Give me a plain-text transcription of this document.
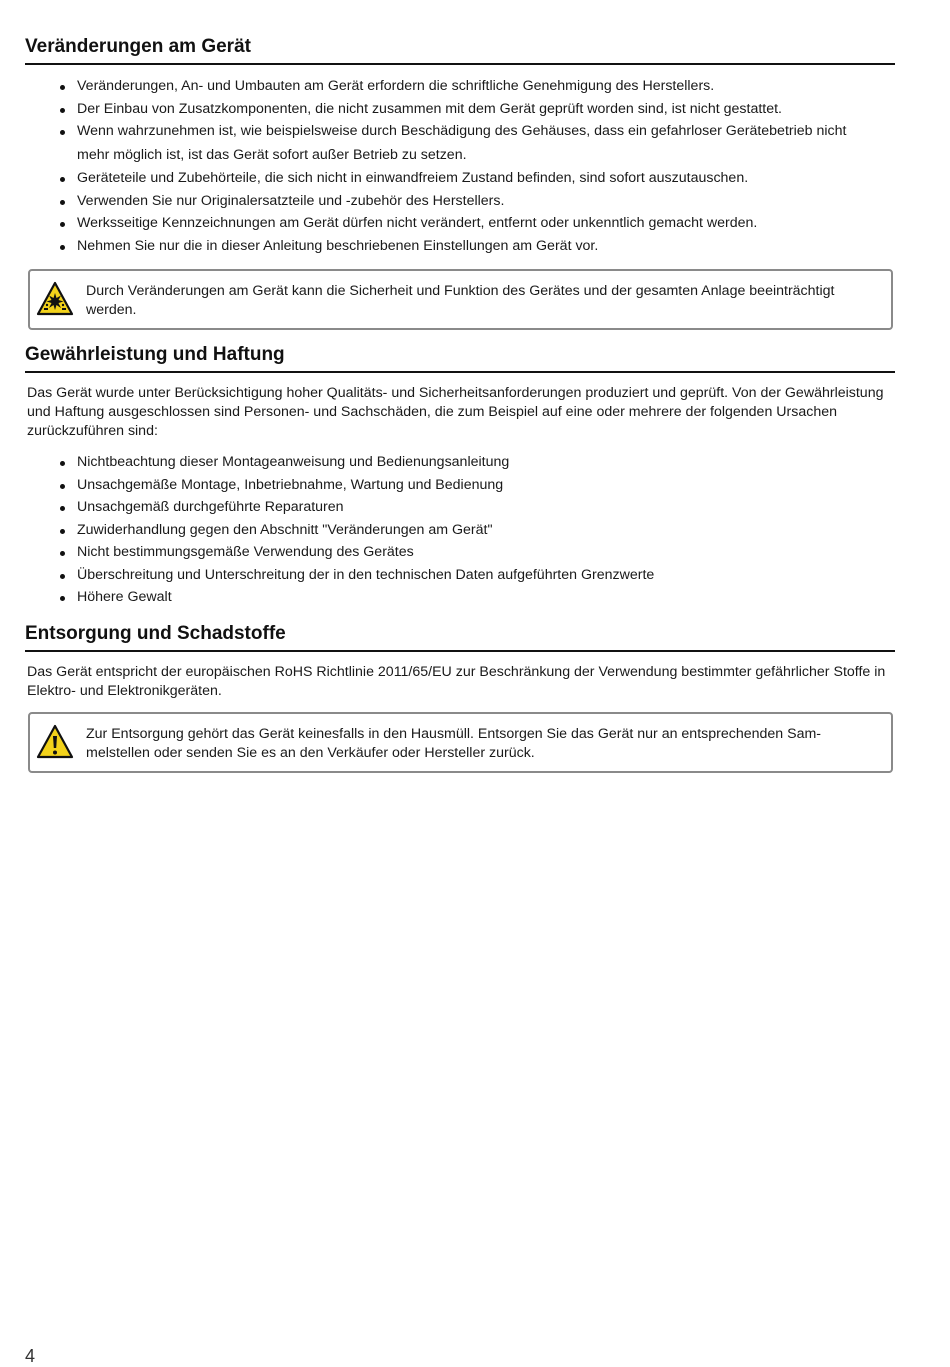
Veränderungen am Gerät
Veränderungen, An- und Umbauten am Gerät erfordern die schriftliche Genehmigung des Herstellers.
Der Einbau von Zusatzkomponenten, die nicht zusammen mit dem Gerät geprüft worden sind, ist nicht gestattet.
Wenn wahrzunehmen ist, wie beispielsweise durch Beschädigung des Gehäuses, dass ein gefahrloser Gerätebetrieb nicht mehr möglich ist, ist das Gerät sofort außer Betrieb zu setzen.
Geräteteile und Zubehörteile, die sich nicht in einwandfreiem Zustand befinden, sind sofort auszutauschen.
Verwenden Sie nur Originalersatzteile und -zubehör des Herstellers.
Werksseitige Kennzeichnungen am Gerät dürfen nicht verändert, entfernt oder unkenntlich gemacht werden.
Nehmen Sie nur die in dieser Anleitung beschriebenen Einstellungen am Gerät vor.

Durch Veränderungen am Gerät kann die Sicherheit und Funktion des Gerätes und der gesamten Anlage beeinträchtigt werden.

Gewährleistung und Haftung

Das Gerät wurde unter Berücksichtigung hoher Qualitäts- und Sicherheitsanforderungen produziert und geprüft. Von der Gewährleistung und Haftung ausgeschlossen sind Personen- und Sachschäden, die zum Beispiel auf eine oder mehrere der folgenden Ursachen zurückzuführen sind:

Nichtbeachtung dieser Montageanweisung und Bedienungsanleitung
Unsachgemäße Montage, Inbetriebnahme, Wartung und Bedienung
Unsachgemäß durchgeführte Reparaturen
Zuwiderhandlung gegen den Abschnitt "Veränderungen am Gerät"
Nicht bestimmungsgemäße Verwendung des Gerätes
Überschreitung und Unterschreitung der in den technischen Daten aufgeführten Grenzwerte
Höhere Gewalt
Entsorgung und Schadstoffe

Das Gerät entspricht der europäischen RoHS Richtlinie 2011/65/EU zur Beschränkung der Verwendung bestimmter gefährlicher Stoffe in Elektro- und Elektronikgeräten.

Zur Entsorgung gehört das Gerät keinesfalls in den Hausmüll. Entsorgen Sie das Gerät nur an entsprechenden Sammelstellen oder senden Sie es an den Verkäufer oder Hersteller zurück.

4
